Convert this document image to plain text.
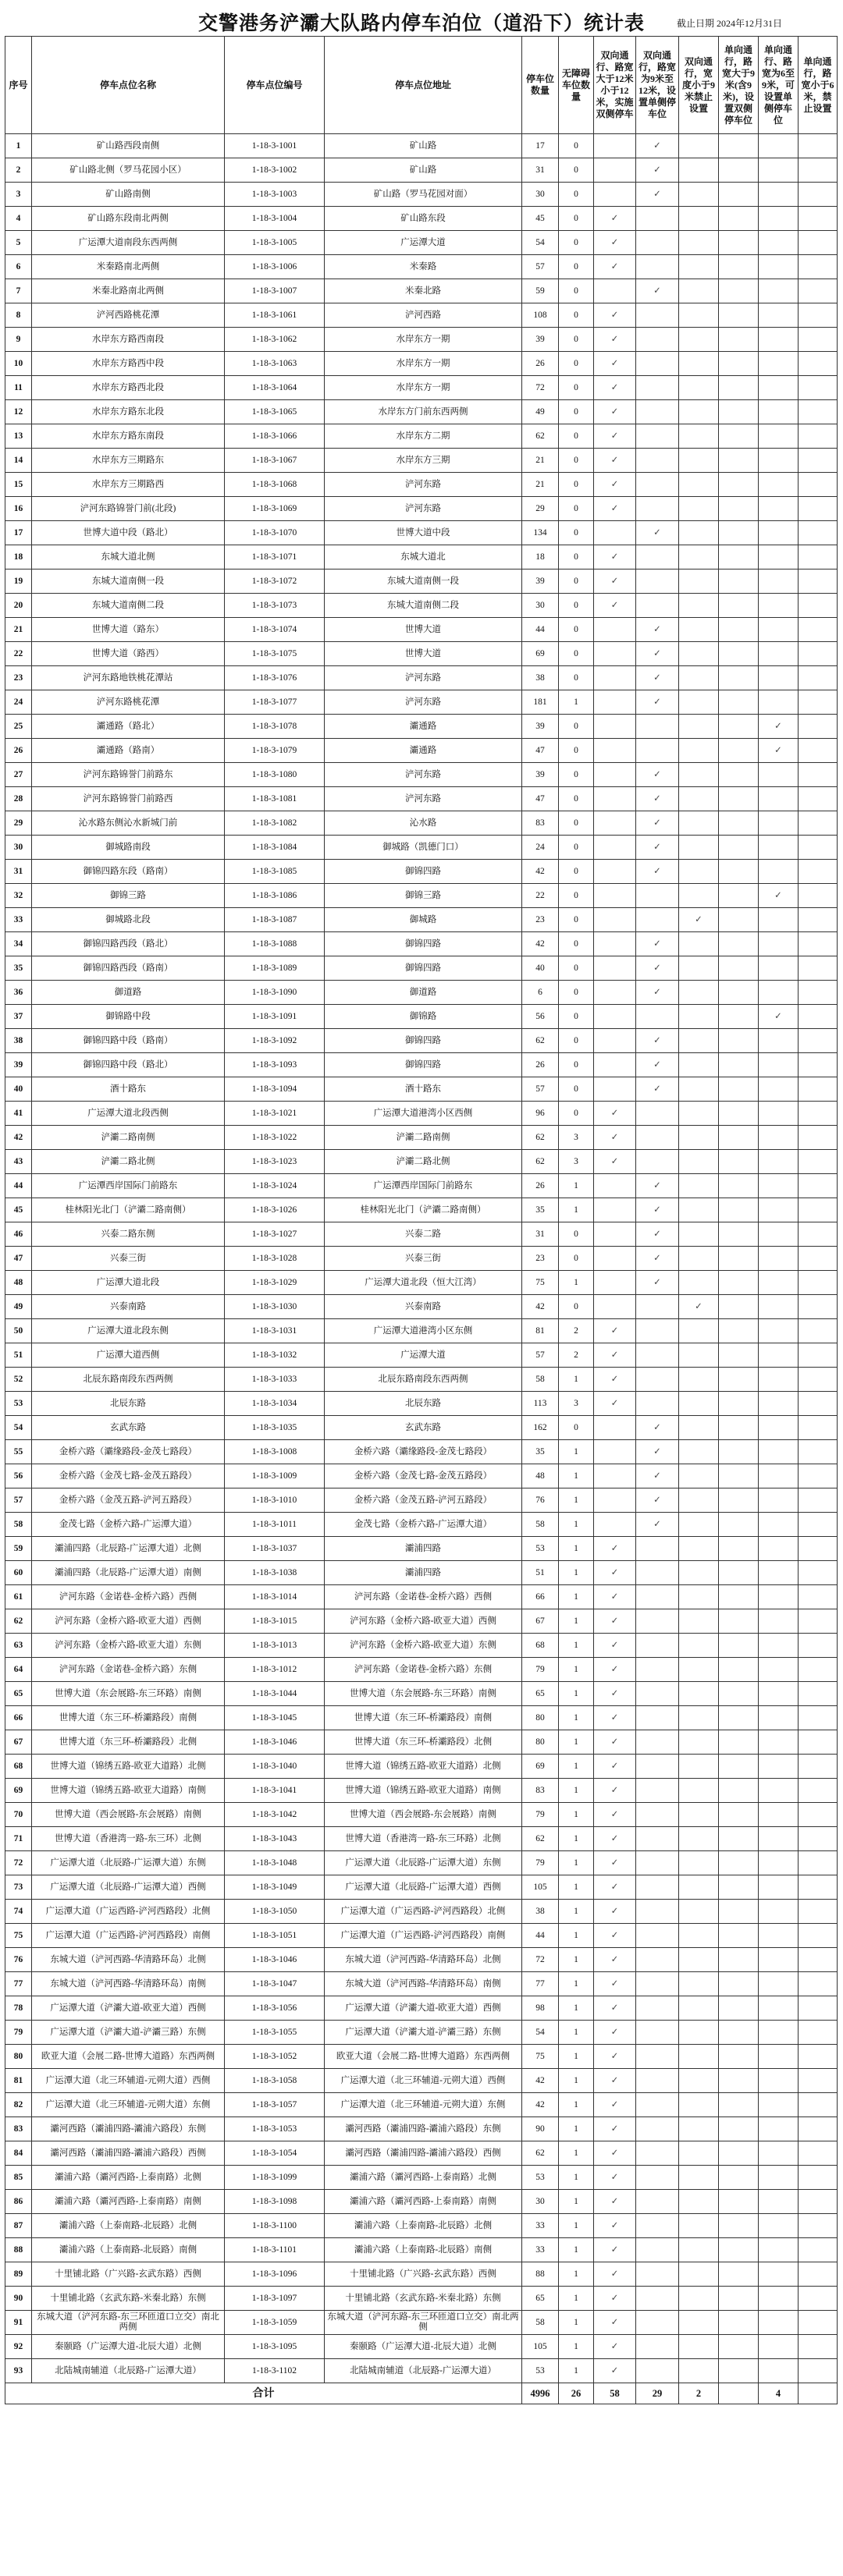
交警港务浐灞大队路内停车泊位（道沿下）统计表	截止日期 2024年12月31日
序号	停车点位名称	停车点位编号	停车点位地址	停车位数量	无障碍车位数量	双向通行、路宽大于12米小于12米，实施双侧停车	双向通行，路宽为9米至12米，设置单侧停车位	双向通行，宽度小于9米禁止设置	单向通行，路宽大于9米(含9米)，设置双侧停车位	单向通行、路宽为6至9米，可设置单侧停车位	单向通行，路宽小于6米，禁止设置
1	矿山路西段南侧	1-18-3-1001	矿山路	17	0		✓				
2	矿山路北侧（罗马花园小区）	1-18-3-1002	矿山路	31	0		✓				
3	矿山路南侧	1-18-3-1003	矿山路（罗马花园对面）	30	0		✓				
4	矿山路东段南北两侧	1-18-3-1004	矿山路东段	45	0	✓					
5	广运潭大道南段东西两侧	1-18-3-1005	广运潭大道	54	0	✓					
6	米秦路南北两侧	1-18-3-1006	米秦路	57	0	✓					
7	米秦北路南北两侧	1-18-3-1007	米秦北路	59	0		✓				
8	浐河西路桃花潭	1-18-3-1061	浐河西路	108	0	✓					
9	水岸东方路西南段	1-18-3-1062	水岸东方一期	39	0	✓					
10	水岸东方路西中段	1-18-3-1063	水岸东方一期	26	0	✓					
11	水岸东方路西北段	1-18-3-1064	水岸东方一期	72	0	✓					
12	水岸东方路东北段	1-18-3-1065	水岸东方门前东西两侧	49	0	✓					
13	水岸东方路东南段	1-18-3-1066	水岸东方二期	62	0	✓					
14	水岸东方三期路东	1-18-3-1067	水岸东方三期	21	0	✓					
15	水岸东方三期路西	1-18-3-1068	浐河东路	21	0	✓					
16	浐河东路锦誉门前(北段)	1-18-3-1069	浐河东路	29	0	✓					
17	世博大道中段（路北）	1-18-3-1070	世博大道中段	134	0		✓				
18	东城大道北侧	1-18-3-1071	东城大道北	18	0	✓					
19	东城大道南侧一段	1-18-3-1072	东城大道南侧一段	39	0	✓					
20	东城大道南侧二段	1-18-3-1073	东城大道南侧二段	30	0	✓					
21	世博大道（路东）	1-18-3-1074	世博大道	44	0		✓				
22	世博大道（路西）	1-18-3-1075	世博大道	69	0		✓				
23	浐河东路地铁桃花潭站	1-18-3-1076	浐河东路	38	0		✓				
24	浐河东路桃花潭	1-18-3-1077	浐河东路	181	1		✓				
25	灞通路（路北）	1-18-3-1078	灞通路	39	0					✓	
26	灞通路（路南）	1-18-3-1079	灞通路	47	0					✓	
27	浐河东路锦誉门前路东	1-18-3-1080	浐河东路	39	0		✓				
28	浐河东路锦誉门前路西	1-18-3-1081	浐河东路	47	0		✓				
29	沁水路东侧沁水新城门前	1-18-3-1082	沁水路	83	0		✓				
30	御城路南段	1-18-3-1084	御城路（凯德门口）	24	0		✓				
31	御锦四路东段（路南）	1-18-3-1085	御锦四路	42	0		✓				
32	御锦三路	1-18-3-1086	御锦三路	22	0					✓	
33	御城路北段	1-18-3-1087	御城路	23	0			✓			
34	御锦四路西段（路北）	1-18-3-1088	御锦四路	42	0		✓				
35	御锦四路西段（路南）	1-18-3-1089	御锦四路	40	0		✓				
36	御道路	1-18-3-1090	御道路	6	0		✓				
37	御锦路中段	1-18-3-1091	御锦路	56	0					✓	
38	御锦四路中段（路南）	1-18-3-1092	御锦四路	62	0		✓				
39	御锦四路中段（路北）	1-18-3-1093	御锦四路	26	0		✓				
40	酒十路东	1-18-3-1094	酒十路东	57	0		✓				
41	广运潭大道北段西侧	1-18-3-1021	广运潭大道港湾小区西侧	96	0	✓					
42	浐灞二路南侧	1-18-3-1022	浐灞二路南侧	62	3	✓					
43	浐灞二路北侧	1-18-3-1023	浐灞二路北侧	62	3	✓					
44	广运潭西岸国际门前路东	1-18-3-1024	广运潭西岸国际门前路东	26	1		✓				
45	桂林阳光北门（浐灞二路南侧）	1-18-3-1026	桂林阳光北门（浐灞二路南侧）	35	1		✓				
46	兴泰二路东侧	1-18-3-1027	兴泰二路	31	0		✓				
47	兴泰三街	1-18-3-1028	兴泰三街	23	0		✓				
48	广运潭大道北段	1-18-3-1029	广运潭大道北段（恒大江湾）	75	1		✓				
49	兴泰南路	1-18-3-1030	兴泰南路	42	0			✓			
50	广运潭大道北段东侧	1-18-3-1031	广运潭大道港湾小区东侧	81	2	✓					
51	广运潭大道西侧	1-18-3-1032	广运潭大道	57	2	✓					
52	北辰东路南段东西两侧	1-18-3-1033	北辰东路南段东西两侧	58	1	✓					
53	北辰东路	1-18-3-1034	北辰东路	113	3	✓					
54	玄武东路	1-18-3-1035	玄武东路	162	0		✓				
55	金桥六路（灞缘路段-金茂七路段）	1-18-3-1008	金桥六路（灞缘路段-金茂七路段）	35	1		✓				
56	金桥六路（金茂七路-金茂五路段）	1-18-3-1009	金桥六路（金茂七路-金茂五路段）	48	1		✓				
57	金桥六路（金茂五路-浐河五路段）	1-18-3-1010	金桥六路（金茂五路-浐河五路段）	76	1		✓				
58	金茂七路（金桥六路-广运潭大道）	1-18-3-1011	金茂七路（金桥六路-广运潭大道）	58	1		✓				
59	灞浦四路（北辰路-广运潭大道）北侧	1-18-3-1037	灞浦四路	53	1	✓					
60	灞浦四路（北辰路-广运潭大道）南侧	1-18-3-1038	灞浦四路	51	1	✓					
61	浐河东路（金诺巷-金桥六路）西侧	1-18-3-1014	浐河东路（金诺巷-金桥六路）西侧	66	1	✓					
62	浐河东路（金桥六路-欧亚大道）西侧	1-18-3-1015	浐河东路（金桥六路-欧亚大道）西侧	67	1	✓					
63	浐河东路（金桥六路-欧亚大道）东侧	1-18-3-1013	浐河东路（金桥六路-欧亚大道）东侧	68	1	✓					
64	浐河东路（金诺巷-金桥六路）东侧	1-18-3-1012	浐河东路（金诺巷-金桥六路）东侧	79	1	✓					
65	世博大道（东会展路-东三环路）南侧	1-18-3-1044	世博大道（东会展路-东三环路）南侧	65	1	✓					
66	世博大道（东三环-桥灞路段）南侧	1-18-3-1045	世博大道（东三环-桥灞路段）南侧	80	1	✓					
67	世博大道（东三环-桥灞路段）北侧	1-18-3-1046	世博大道（东三环-桥灞路段）北侧	80	1	✓					
68	世博大道（锦绣五路-欧亚大道路）北侧	1-18-3-1040	世博大道（锦绣五路-欧亚大道路）北侧	69	1	✓					
69	世博大道（锦绣五路-欧亚大道路）南侧	1-18-3-1041	世博大道（锦绣五路-欧亚大道路）南侧	83	1	✓					
70	世博大道（西会展路-东会展路）南侧	1-18-3-1042	世博大道（西会展路-东会展路）南侧	79	1	✓					
71	世博大道（香港湾一路-东三环）北侧	1-18-3-1043	世博大道（香港湾一路-东三环路）北侧	62	1	✓					
72	广运潭大道（北辰路-广运潭大道）东侧	1-18-3-1048	广运潭大道（北辰路-广运潭大道）东侧	79	1	✓					
73	广运潭大道（北辰路-广运潭大道）西侧	1-18-3-1049	广运潭大道（北辰路-广运潭大道）西侧	105	1	✓					
74	广运潭大道（广运西路-浐河西路段）北侧	1-18-3-1050	广运潭大道（广运西路-浐河西路段）北侧	38	1	✓					
75	广运潭大道（广运西路-浐河西路段）南侧	1-18-3-1051	广运潭大道（广运西路-浐河西路段）南侧	44	1	✓					
76	东城大道（浐河西路-华清路环岛）北侧	1-18-3-1046	东城大道（浐河西路-华清路环岛）北侧	72	1	✓					
77	东城大道（浐河西路-华清路环岛）南侧	1-18-3-1047	东城大道（浐河西路-华清路环岛）南侧	77	1	✓					
78	广运潭大道（浐灞大道-欧亚大道）西侧	1-18-3-1056	广运潭大道（浐灞大道-欧亚大道）西侧	98	1	✓					
79	广运潭大道（浐灞大道-浐灞三路）东侧	1-18-3-1055	广运潭大道（浐灞大道-浐灞三路）东侧	54	1	✓					
80	欧亚大道（会展二路-世博大道路）东西两侧	1-18-3-1052	欧亚大道（会展二路-世博大道路）东西两侧	75	1	✓					
81	广运潭大道（北三环辅道-元朔大道）西侧	1-18-3-1058	广运潭大道（北三环辅道-元朔大道）西侧	42	1	✓					
82	广运潭大道（北三环辅道-元朔大道）东侧	1-18-3-1057	广运潭大道（北三环辅道-元朔大道）东侧	42	1	✓					
83	灞河西路（灞浦四路-灞浦六路段）东侧	1-18-3-1053	灞河西路（灞浦四路-灞浦六路段）东侧	90	1	✓					
84	灞河西路（灞浦四路-灞浦六路段）西侧	1-18-3-1054	灞河西路（灞浦四路-灞浦六路段）西侧	62	1	✓					
85	灞浦六路（灞河西路-上泰南路）北侧	1-18-3-1099	灞浦六路（灞河西路-上泰南路）北侧	53	1	✓					
86	灞浦六路（灞河西路-上泰南路）南侧	1-18-3-1098	灞浦六路（灞河西路-上泰南路）南侧	30	1	✓					
87	灞浦六路（上泰南路-北辰路）北侧	1-18-3-1100	灞浦六路（上泰南路-北辰路）北侧	33	1	✓					
88	灞浦六路（上泰南路-北辰路）南侧	1-18-3-1101	灞浦六路（上泰南路-北辰路）南侧	33	1	✓					
89	十里铺北路（广兴路-玄武东路）西侧	1-18-3-1096	十里铺北路（广兴路-玄武东路）西侧	88	1	✓					
90	十里铺北路（玄武东路-米秦北路）东侧	1-18-3-1097	十里铺北路（玄武东路-米秦北路）东侧	65	1	✓					
91	东城大道（浐河东路-东三环匝道口立交）南北两侧	1-18-3-1059	东城大道（浐河东路-东三环匝道口立交）南北两侧	58	1	✓					
92	秦颐路（广运潭大道-北辰大道）北侧	1-18-3-1095	秦颐路（广运潭大道-北辰大道）北侧	105	1	✓					
93	北陆城南辅道（北辰路-广运潭大道）	1-18-3-1102	北陆城南辅道（北辰路-广运潭大道）	53	1	✓					
合计				4996	26	58	29	2		4	
